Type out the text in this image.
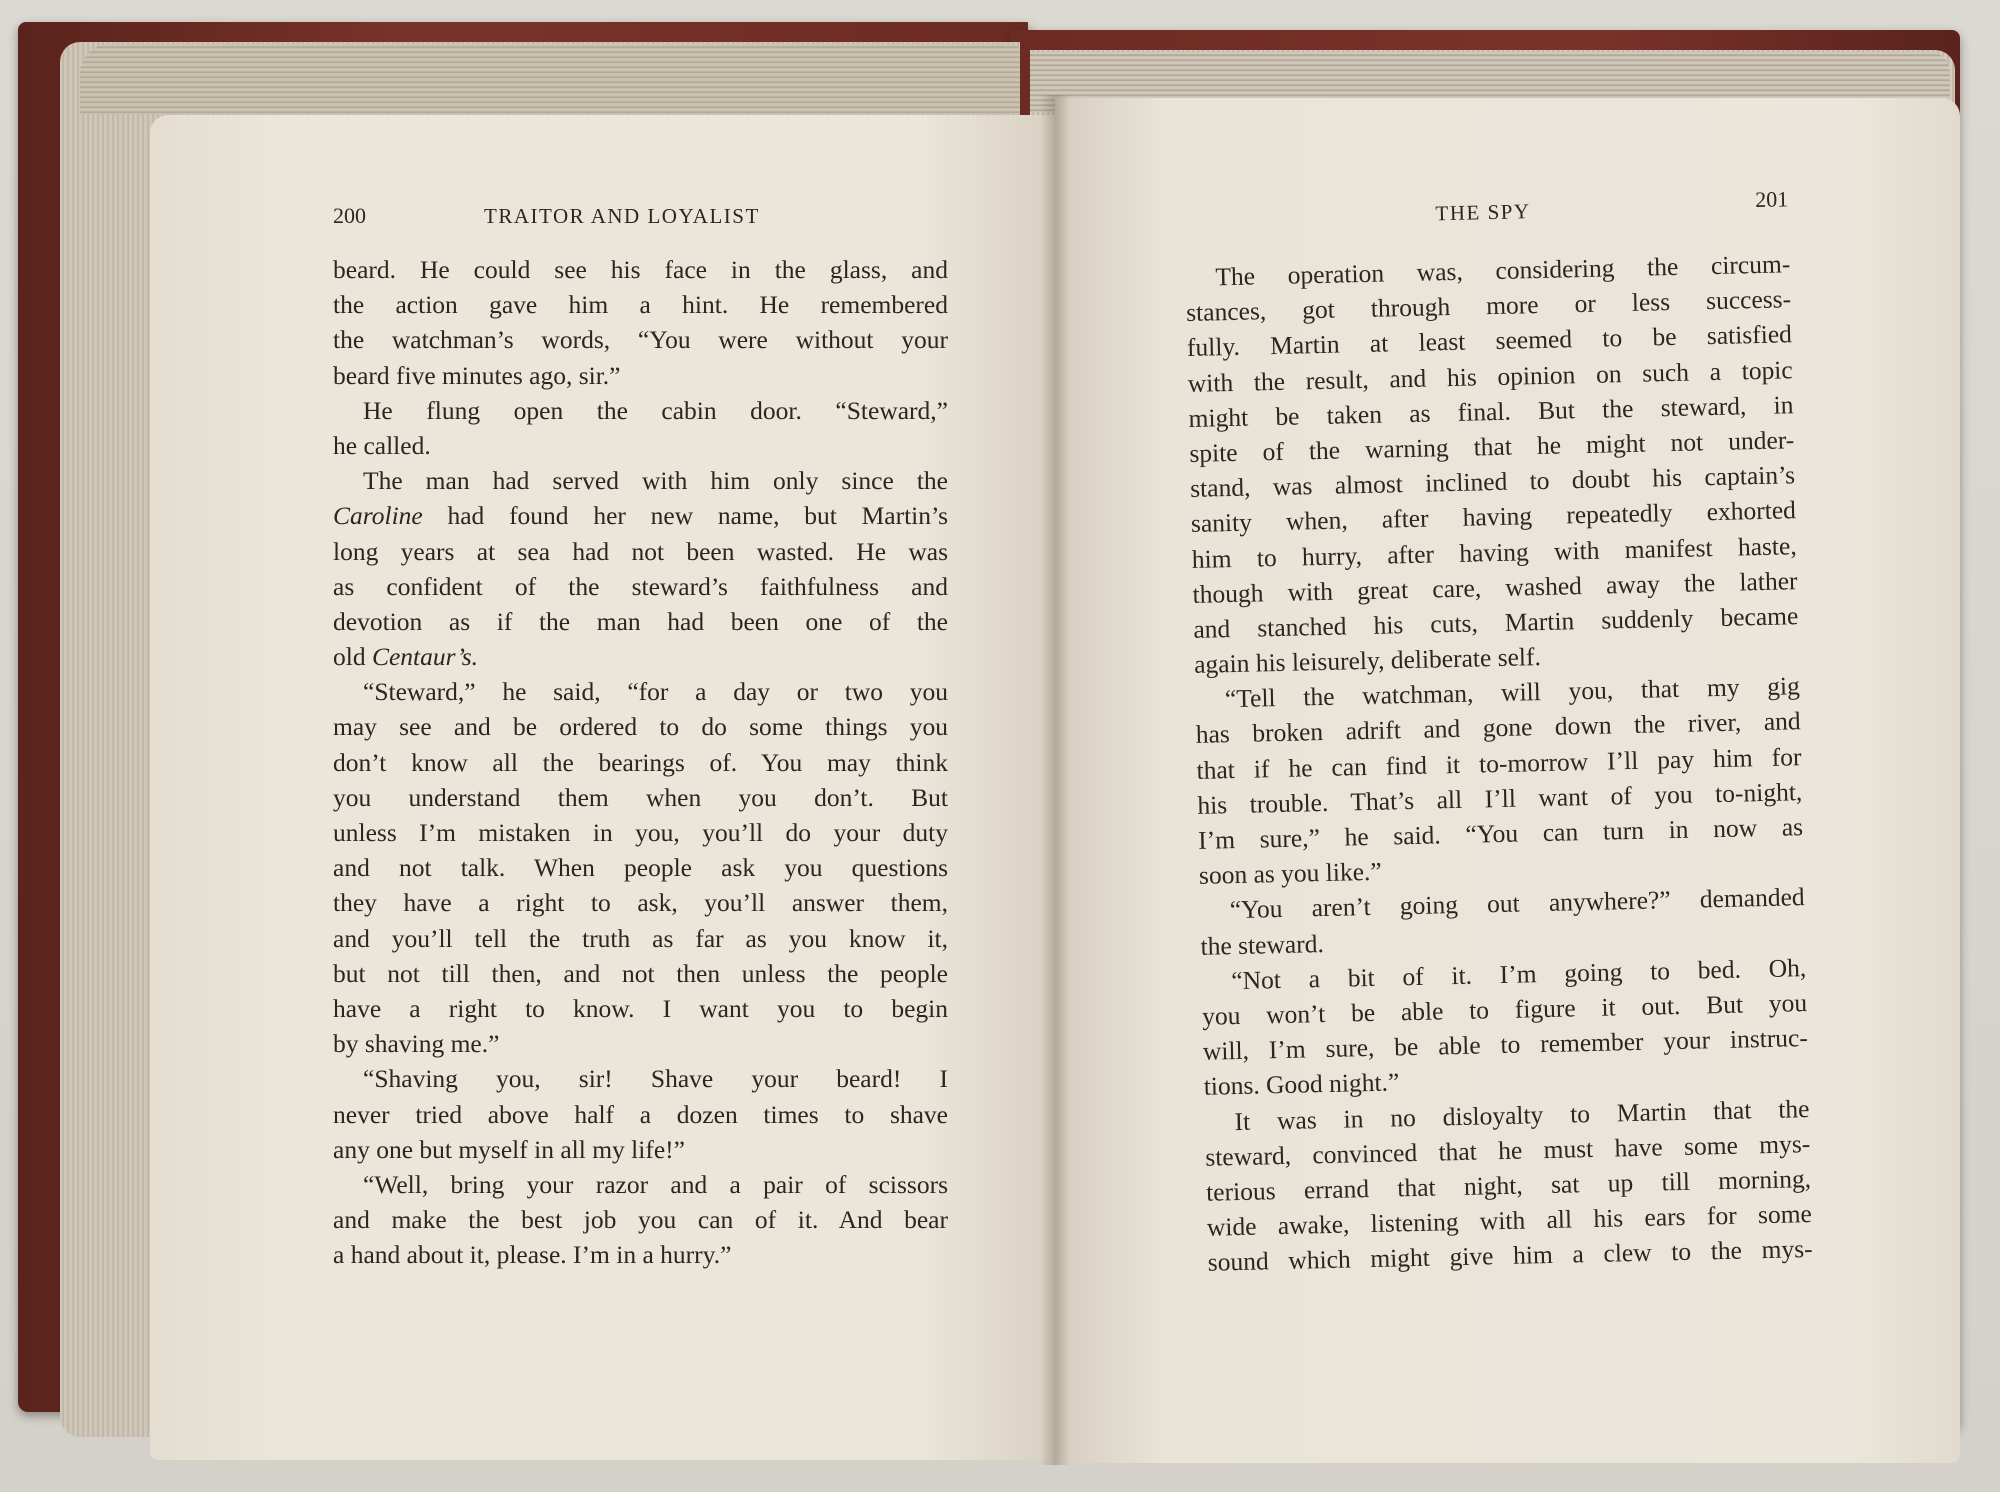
200	TRAITOR AND LOYALIST	THE SPY	201
beard. He could see his face in the glass, and
the action gave him a hint. He remembered
the watchman’s words, “You were without your
beard five minutes ago, sir.”
He flung open the cabin door. “Steward,”
he called.
The man had served with him only since the
Caroline had found her new name, but Martin’s
long years at sea had not been wasted. He was
as confident of the steward’s faithfulness and
devotion as if the man had been one of the
old Centaur’s.
“Steward,” he said, “for a day or two you
may see and be ordered to do some things you
don’t know all the bearings of. You may think
you understand them when you don’t. But
unless I’m mistaken in you, you’ll do your duty
and not talk. When people ask you questions
they have a right to ask, you’ll answer them,
and you’ll tell the truth as far as you know it,
but not till then, and not then unless the people
have a right to know. I want you to begin
by shaving me.”
“Shaving you, sir! Shave your beard! I
never tried above half a dozen times to shave
any one but myself in all my life!”
“Well, bring your razor and a pair of scissors
and make the best job you can of it. And bear
a hand about it, please. I’m in a hurry.”
The operation was, considering the circum-
stances, got through more or less success-
fully. Martin at least seemed to be satisfied
with the result, and his opinion on such a topic
might be taken as final. But the steward, in
spite of the warning that he might not under-
stand, was almost inclined to doubt his captain’s
sanity when, after having repeatedly exhorted
him to hurry, after having with manifest haste,
though with great care, washed away the lather
and stanched his cuts, Martin suddenly became
again his leisurely, deliberate self.
“Tell the watchman, will you, that my gig
has broken adrift and gone down the river, and
that if he can find it to-morrow I’ll pay him for
his trouble. That’s all I’ll want of you to-night,
I’m sure,” he said. “You can turn in now as
soon as you like.”
“You aren’t going out anywhere?” demanded
the steward.
“Not a bit of it. I’m going to bed. Oh,
you won’t be able to figure it out. But you
will, I’m sure, be able to remember your instruc-
tions. Good night.”
It was in no disloyalty to Martin that the
steward, convinced that he must have some mys-
terious errand that night, sat up till morning,
wide awake, listening with all his ears for some
sound which might give him a clew to the mys-
